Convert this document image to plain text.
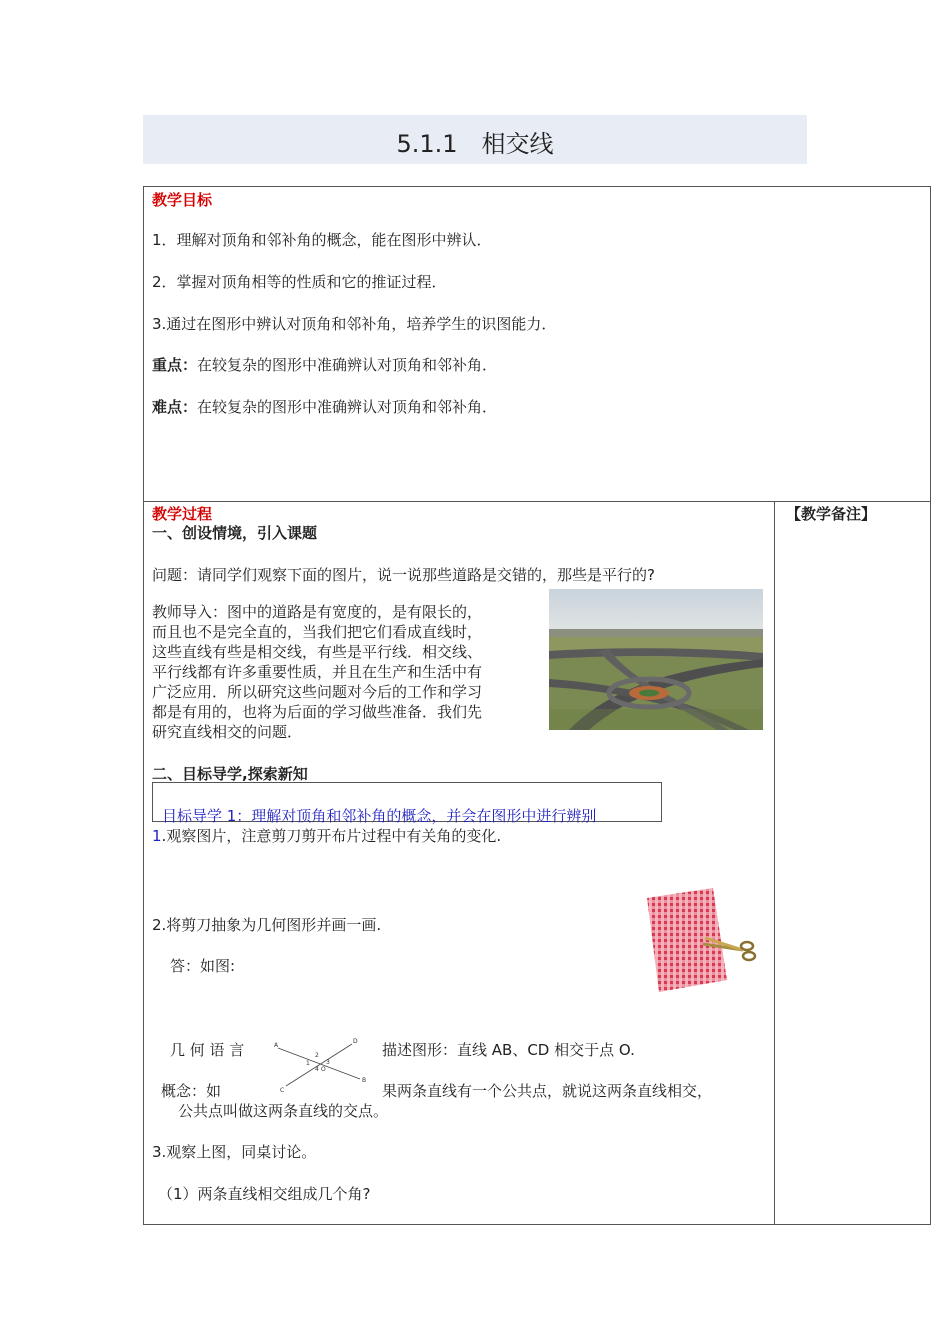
5.1.1 相交线
教学目标
1．理解对顶角和邻补角的概念，能在图形中辨认．
2．掌握对顶角相等的性质和它的推证过程．
3.通过在图形中辨认对顶角和邻补角，培养学生的识图能力．
重点：在较复杂的图形中准确辨认对顶角和邻补角．
难点：在较复杂的图形中准确辨认对顶角和邻补角．
教学过程	【教学备注】
一、创设情境，引入课题
问题：请同学们观察下面的图片，说一说那些道路是交错的，那些是平行的?
教师导入：图中的道路是有宽度的，是有限长的，
而且也不是完全直的，当我们把它们看成直线时，
这些直线有些是相交线，有些是平行线．相交线、
平行线都有许多重要性质，并且在生产和生活中有
广泛应用．所以研究这些问题对今后的工作和学习
都是有用的，也将为后面的学习做些准备．我们先
研究直线相交的问题．
二、目标导学,探索新知
目标导学 1：理解对顶角和邻补角的概念，并会在图形中进行辨别
1.观察图片，注意剪刀剪开布片过程中有关角的变化.
2.将剪刀抽象为几何图形并画一画.
答：如图:
几 何 语 言	A
B
C
D
O
2
1	3
4
描述图形：直线 AB、CD 相交于点 O.
概念：如	果两条直线有一个公共点，就说这两条直线相交，
公共点叫做这两条直线的交点。
3.观察上图，同桌讨论。
（1）两条直线相交组成几个角?
